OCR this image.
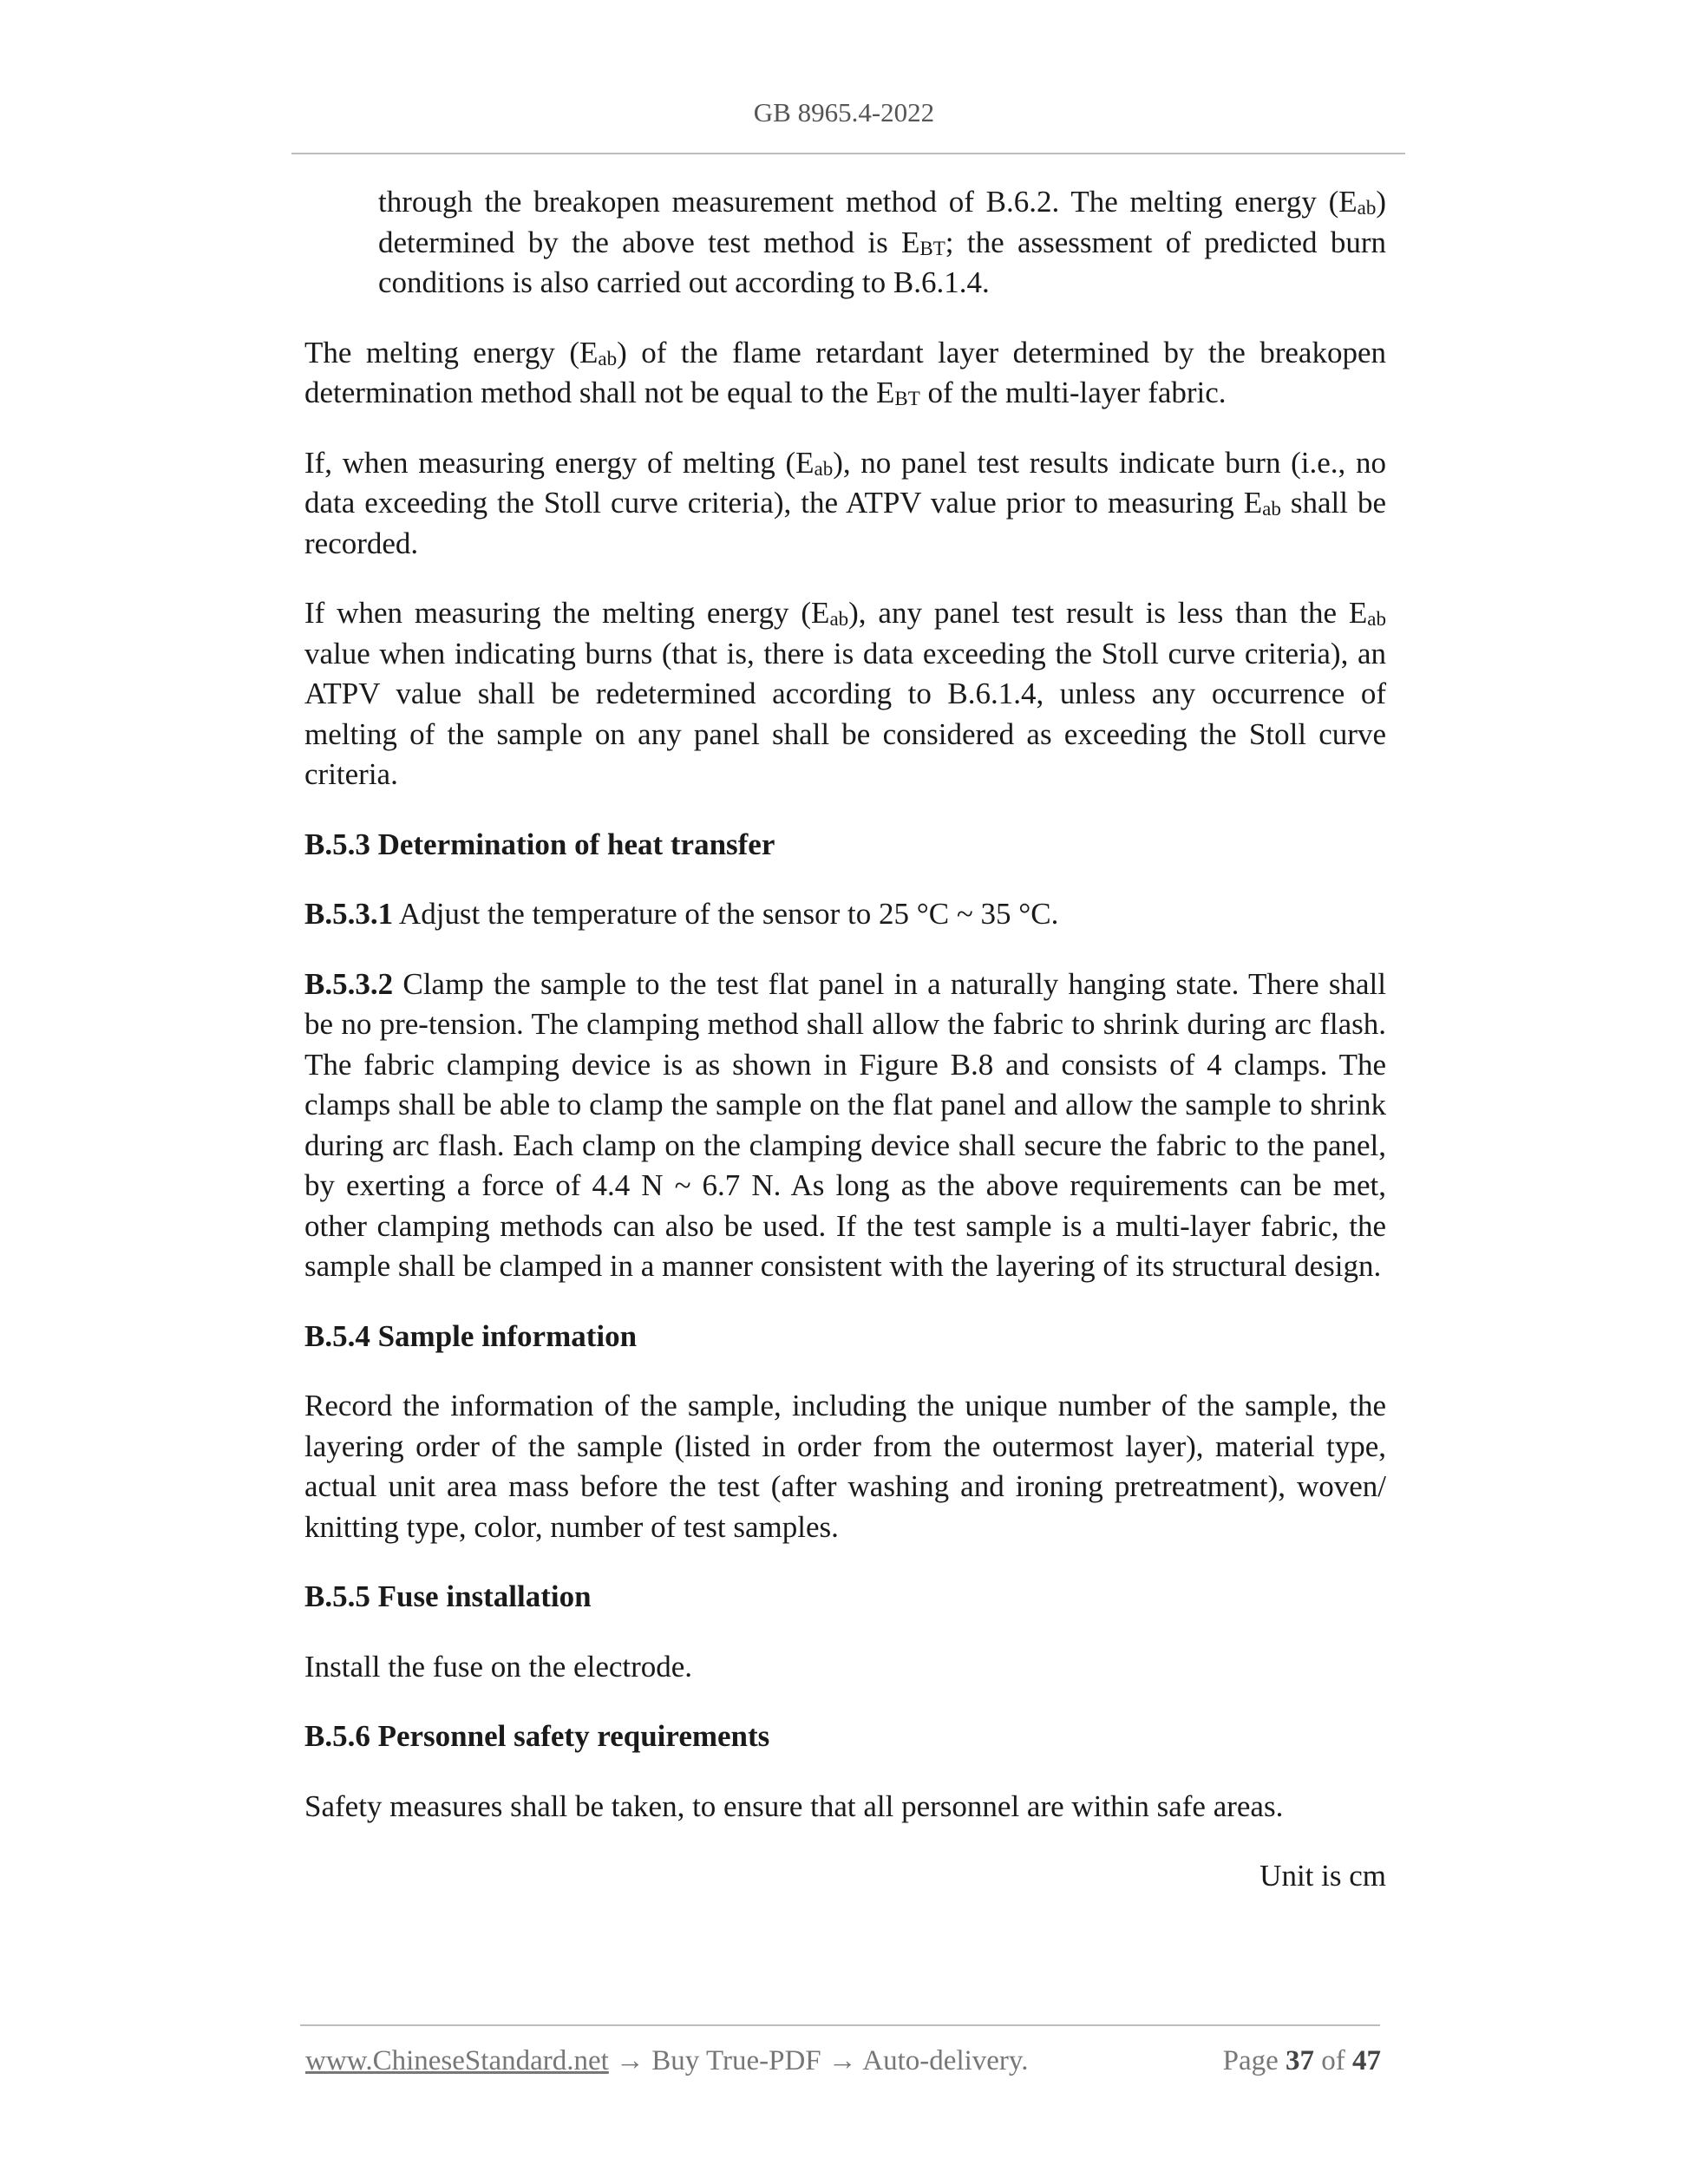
GB 8965.4-2022

through the breakopen measurement method of B.6.2. The melting energy $(E_{ab})$ determined by the above test method is $E_{BT}$; the assessment of predicted burn conditions is also carried out according to B.6.1.4.

The melting energy $(E_{ab})$ of the flame retardant layer determined by the breakopen determination method shall not be equal to the $E_{BT}$ of the multi-layer fabric.

If, when measuring energy of melting $(E_{ab})$, no panel test results indicate burn (i.e., no data exceeding the Stoll curve criteria), the ATPV value prior to measuring $E_{ab}$ shall be recorded.

If when measuring the melting energy $(E_{ab})$, any panel test result is less than the $E_{ab}$ value when indicating burns (that is, there is data exceeding the Stoll curve criteria), an ATPV value shall be redetermined according to B.6.1.4, unless any occurrence of melting of the sample on any panel shall be considered as exceeding the Stoll curve criteria.

B.5.3 Determination of heat transfer

B.5.3.1 Adjust the temperature of the sensor to 25 °C ~ 35 °C.

B.5.3.2 Clamp the sample to the test flat panel in a naturally hanging state. There shall be no pre-tension. The clamping method shall allow the fabric to shrink during arc flash. The fabric clamping device is as shown in Figure B.8 and consists of 4 clamps. The clamps shall be able to clamp the sample on the flat panel and allow the sample to shrink during arc flash. Each clamp on the clamping device shall secure the fabric to the panel, by exerting a force of 4.4 N ~ 6.7 N. As long as the above requirements can be met, other clamping methods can also be used. If the test sample is a multi-layer fabric, the sample shall be clamped in a manner consistent with the layering of its structural design.

B.5.4 Sample information

Record the information of the sample, including the unique number of the sample, the layering order of the sample (listed in order from the outermost layer), material type, actual unit area mass before the test (after washing and ironing pretreatment), woven/ knitting type, color, number of test samples.

B.5.5 Fuse installation

Install the fuse on the electrode.

B.5.6 Personnel safety requirements

Safety measures shall be taken, to ensure that all personnel are within safe areas.

Unit is cm

www.ChineseStandard.net → Buy True-PDF → Auto-delivery.	Page 37 of 47
